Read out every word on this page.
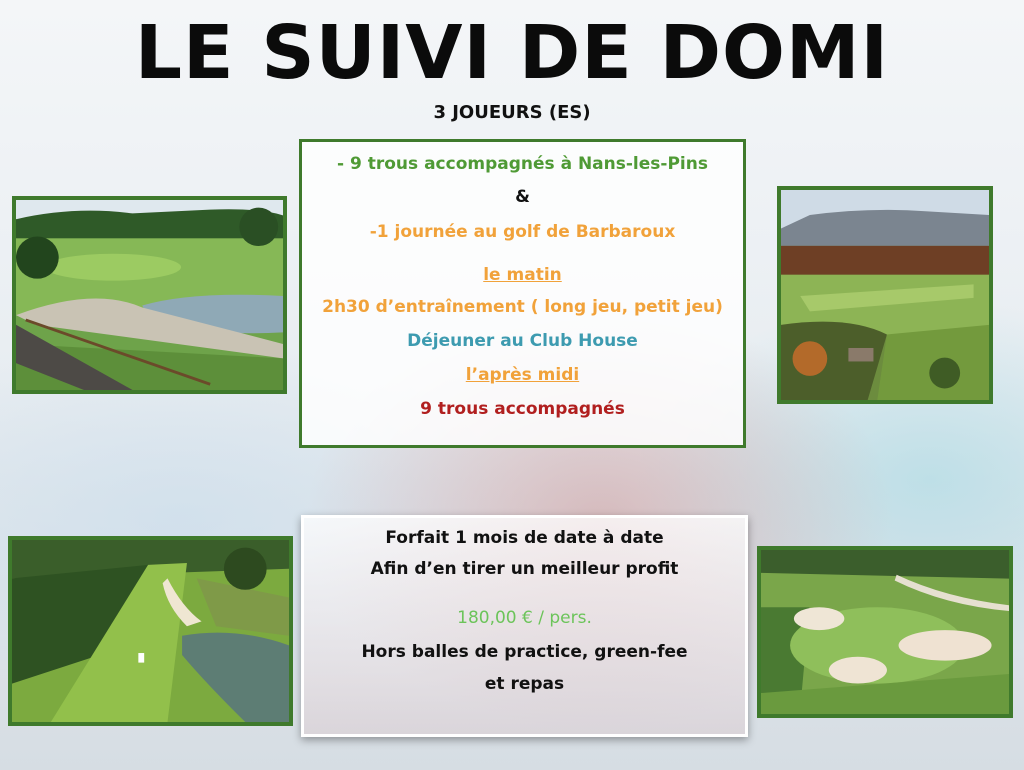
LE SUIVI DE DOMI
3 JOUEURS (ES)
- 9 trous accompagnés à Nans-les-Pins
&
-1 journée au golf de Barbaroux
le matin
2h30 d’entraînement ( long jeu, petit jeu)
Déjeuner au Club House
l’après midi
9 trous accompagnés
Forfait 1 mois de date à date
Afin d’en tirer un meilleur profit
180,00 € / pers.
Hors balles de practice, green-fee
et repas
